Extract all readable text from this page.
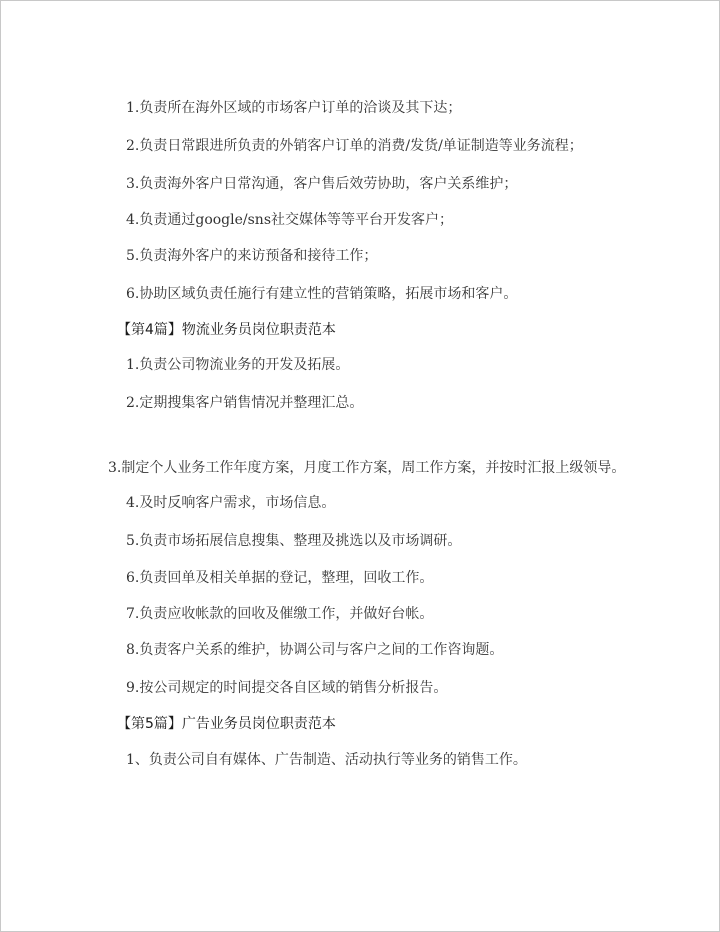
1.负责所在海外区域的市场客户订单的洽谈及其下达；
2.负责日常跟进所负责的外销客户订单的消费/发货/单证制造等业务流程；
3.负责海外客户日常沟通，客户售后效劳协助，客户关系维护；
4.负责通过google/sns社交媒体等等平台开发客户；
5.负责海外客户的来访预备和接待工作；
6.协助区域负责任施行有建立性的营销策略，拓展市场和客户。
【第4篇】物流业务员岗位职责范本
1.负责公司物流业务的开发及拓展。
2.定期搜集客户销售情况并整理汇总。
3.制定个人业务工作年度方案，月度工作方案，周工作方案，并按时汇报上级领导。
4.及时反响客户需求，市场信息。
5.负责市场拓展信息搜集、整理及挑选以及市场调研。
6.负责回单及相关单据的登记，整理，回收工作。
7.负责应收帐款的回收及催缴工作，并做好台帐。
8.负责客户关系的维护，协调公司与客户之间的工作咨询题。
9.按公司规定的时间提交各自区域的销售分析报告。
【第5篇】广告业务员岗位职责范本
1、负责公司自有媒体、广告制造、活动执行等业务的销售工作。
